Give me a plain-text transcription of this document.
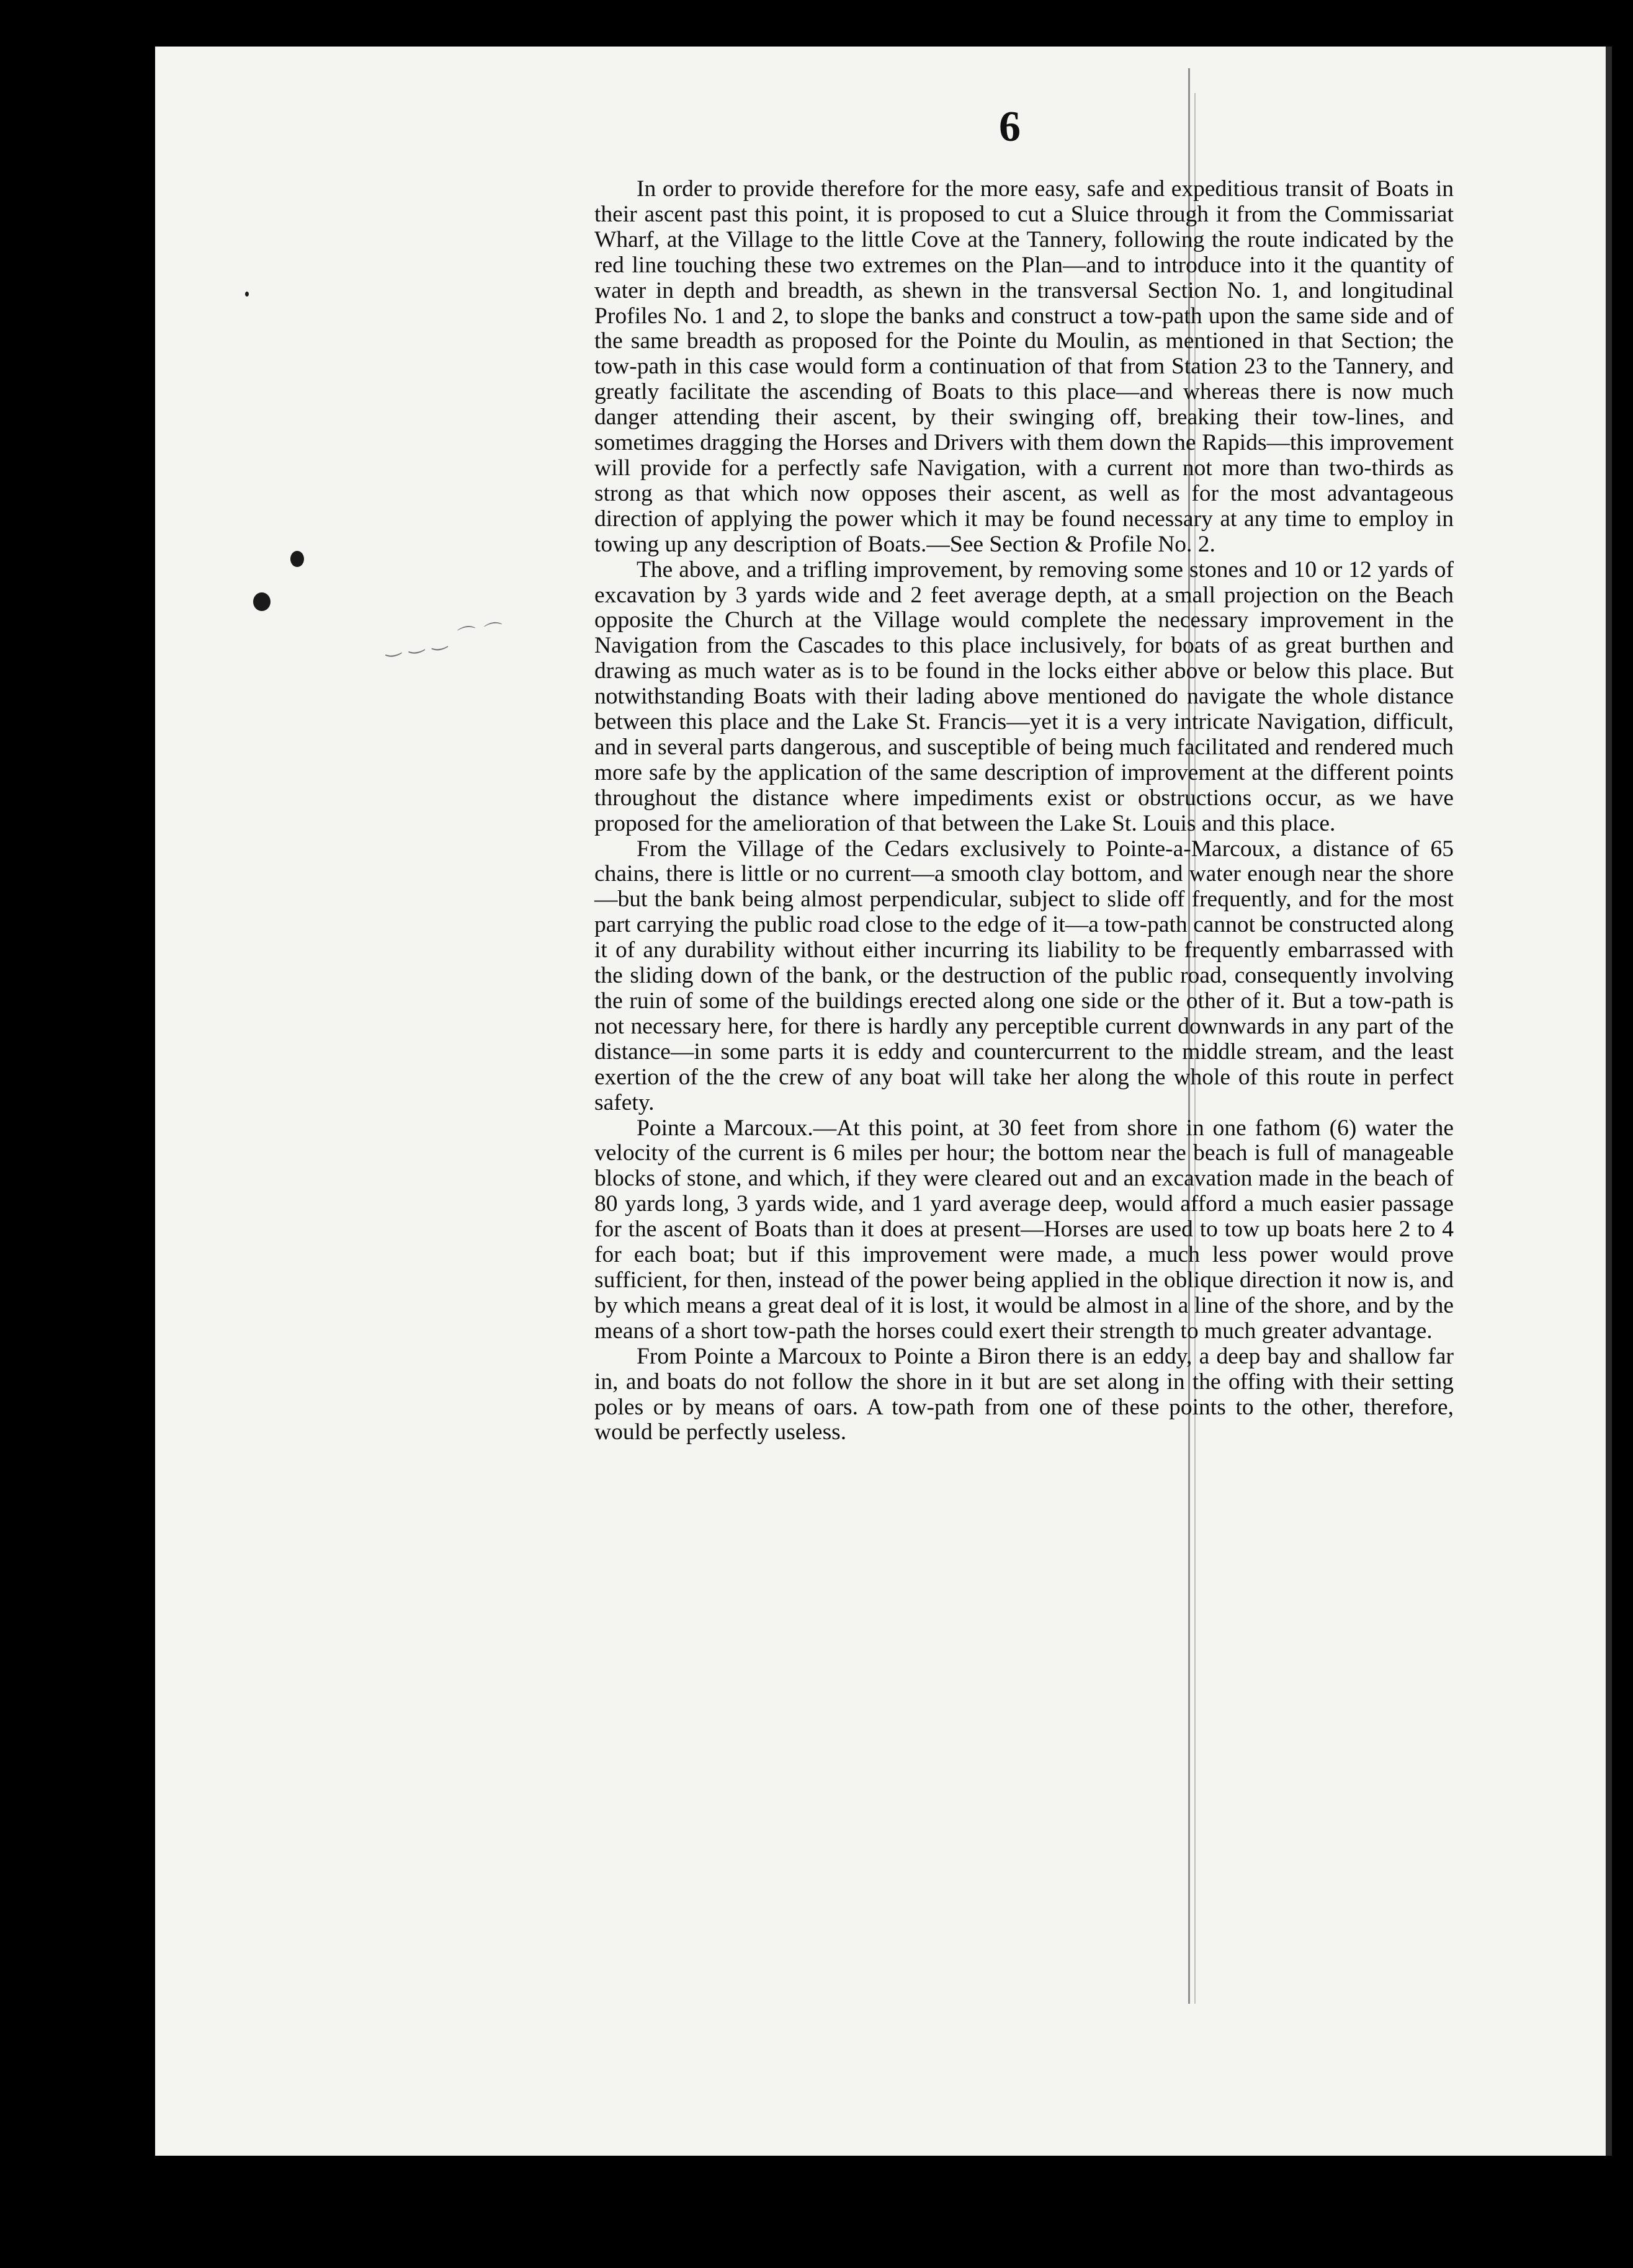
‿ ‿ ‿ ⌒ ⌒
6

In order to provide therefore for the more easy, safe and expeditious transit of Boats in their ascent past this point, it is proposed to cut a Sluice through it from the Commissariat Wharf, at the Village to the little Cove at the Tannery, following the route indicated by the red line touching these two extremes on the Plan—and to introduce into it the quantity of water in depth and breadth, as shewn in the transversal Section No. 1, and longitudinal Profiles No. 1 and 2, to slope the banks and construct a tow-path upon the same side and of the same breadth as proposed for the Pointe du Moulin, as mentioned in that Section; the tow-path in this case would form a continuation of that from Station 23 to the Tannery, and greatly facilitate the ascending of Boats to this place—and whereas there is now much danger attending their ascent, by their swinging off, breaking their tow-lines, and sometimes dragging the Horses and Drivers with them down the Rapids—this improvement will provide for a perfectly safe Navigation, with a current not more than two-thirds as strong as that which now opposes their ascent, as well as for the most advantageous direction of applying the power which it may be found necessary at any time to employ in towing up any description of Boats.—See Section & Profile No. 2.

The above, and a trifling improvement, by removing some stones and 10 or 12 yards of excavation by 3 yards wide and 2 feet average depth, at a small projection on the Beach opposite the Church at the Village would complete the necessary improvement in the Navigation from the Cascades to this place inclusively, for boats of as great burthen and drawing as much water as is to be found in the locks either above or below this place. But notwithstanding Boats with their lading above mentioned do navigate the whole distance between this place and the Lake St. Francis—yet it is a very intricate Navigation, difficult, and in several parts dangerous, and susceptible of being much facilitated and rendered much more safe by the application of the same description of improvement at the different points throughout the distance where impediments exist or obstructions occur, as we have proposed for the amelioration of that between the Lake St. Louis and this place.

From the Village of the Cedars exclusively to Pointe-a-Marcoux, a distance of 65 chains, there is little or no current—a smooth clay bottom, and water enough near the shore—but the bank being almost perpendicular, subject to slide off frequently, and for the most part carrying the public road close to the edge of it—a tow-path cannot be constructed along it of any durability without either incurring its liability to be frequently embarrassed with the sliding down of the bank, or the destruction of the public road, consequently involving the ruin of some of the buildings erected along one side or the other of it. But a tow-path is not necessary here, for there is hardly any perceptible current downwards in any part of the distance—in some parts it is eddy and countercurrent to the middle stream, and the least exertion of the the crew of any boat will take her along the whole of this route in perfect safety.

Pointe a Marcoux.—At this point, at 30 feet from shore in one fathom (6) water the velocity of the current is 6 miles per hour; the bottom near the beach is full of manageable blocks of stone, and which, if they were cleared out and an excavation made in the beach of 80 yards long, 3 yards wide, and 1 yard average deep, would afford a much easier passage for the ascent of Boats than it does at present—Horses are used to tow up boats here 2 to 4 for each boat; but if this improvement were made, a much less power would prove sufficient, for then, instead of the power being applied in the oblique direction it now is, and by which means a great deal of it is lost, it would be almost in a line of the shore, and by the means of a short tow-path the horses could exert their strength to much greater advantage.

From Pointe a Marcoux to Pointe a Biron there is an eddy, a deep bay and shallow far in, and boats do not follow the shore in it but are set along in the offing with their setting poles or by means of oars. A tow-path from one of these points to the other, therefore, would be perfectly useless.
